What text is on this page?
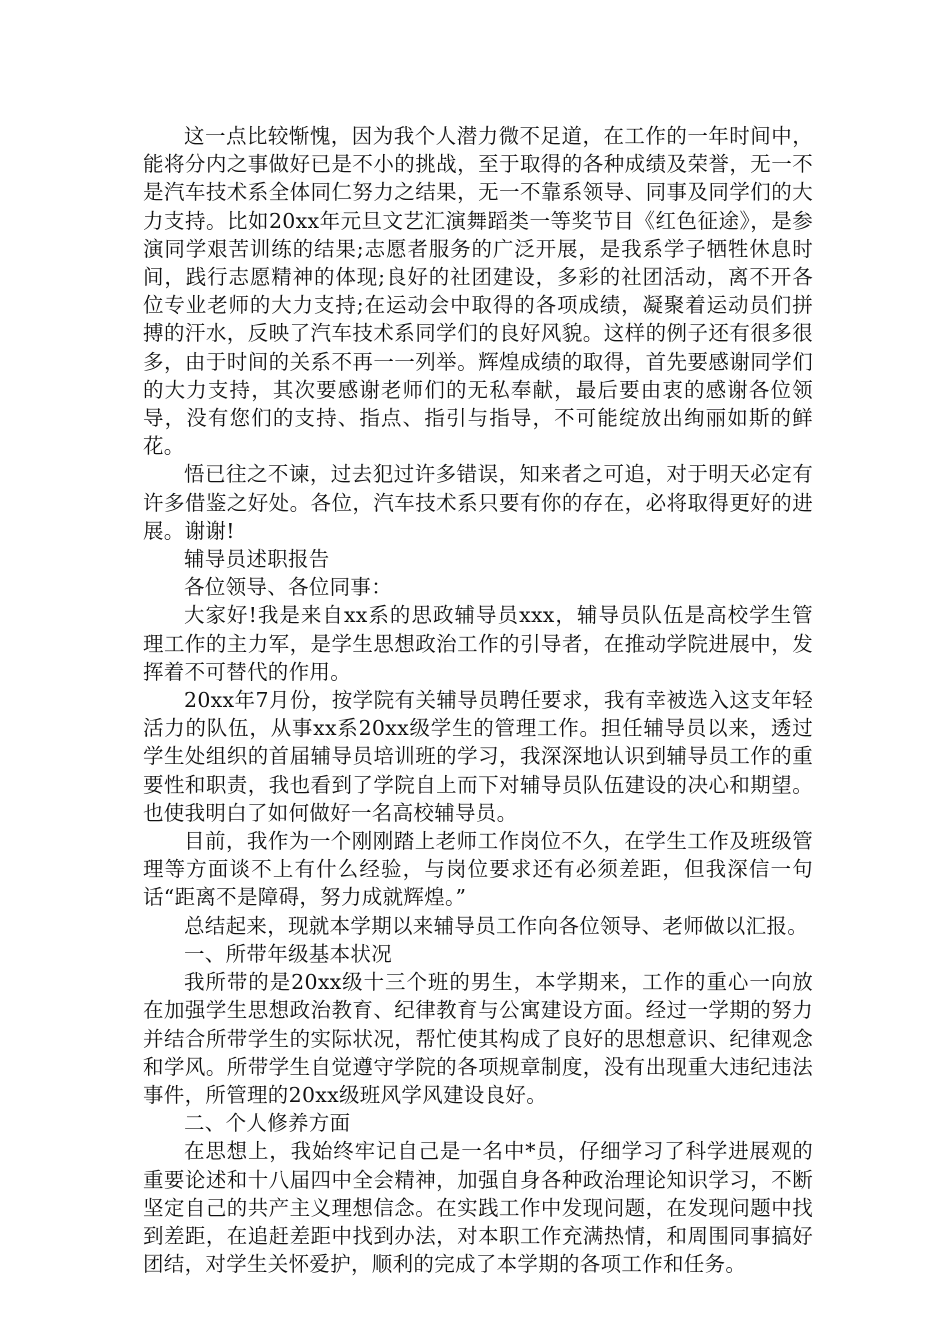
这一点比较惭愧，因为我个人潜力微不足道，在工作的一年时间中，能将分内之事做好已是不小的挑战，至于取得的各种成绩及荣誉，无一不是汽车技术系全体同仁努力之结果，无一不靠系领导、同事及同学们的大力支持。比如20xx年元旦文艺汇演舞蹈类一等奖节目《红色征途》，是参演同学艰苦训练的结果;志愿者服务的广泛开展，是我系学子牺牲休息时间，践行志愿精神的体现;良好的社团建设，多彩的社团活动，离不开各位专业老师的大力支持;在运动会中取得的各项成绩，凝聚着运动员们拼搏的汗水，反映了汽车技术系同学们的良好风貌。这样的例子还有很多很多，由于时间的关系不再一一列举。辉煌成绩的取得，首先要感谢同学们的大力支持，其次要感谢老师们的无私奉献，最后要由衷的感谢各位领导，没有您们的支持、指点、指引与指导，不可能绽放出绚丽如斯的鲜花。

悟已往之不谏，过去犯过许多错误，知来者之可追，对于明天必定有许多借鉴之好处。各位，汽车技术系只要有你的存在，必将取得更好的进展。谢谢!

辅导员述职报告

各位领导、各位同事：

大家好!我是来自xx系的思政辅导员xxx，辅导员队伍是高校学生管理工作的主力军，是学生思想政治工作的引导者，在推动学院进展中，发挥着不可替代的作用。

20xx年7月份，按学院有关辅导员聘任要求，我有幸被选入这支年轻活力的队伍，从事xx系20xx级学生的管理工作。担任辅导员以来，透过学生处组织的首届辅导员培训班的学习，我深深地认识到辅导员工作的重要性和职责，我也看到了学院自上而下对辅导员队伍建设的决心和期望。也使我明白了如何做好一名高校辅导员。

目前，我作为一个刚刚踏上老师工作岗位不久，在学生工作及班级管理等方面谈不上有什么经验，与岗位要求还有必须差距，但我深信一句话“距离不是障碍，努力成就辉煌。”

总结起来，现就本学期以来辅导员工作向各位领导、老师做以汇报。

一、所带年级基本状况

我所带的是20xx级十三个班的男生，本学期来，工作的重心一向放在加强学生思想政治教育、纪律教育与公寓建设方面。经过一学期的努力并结合所带学生的实际状况，帮忙使其构成了良好的思想意识、纪律观念和学风。所带学生自觉遵守学院的各项规章制度，没有出现重大违纪违法事件，所管理的20xx级班风学风建设良好。

二、个人修养方面

在思想上，我始终牢记自己是一名中*员，仔细学习了科学进展观的重要论述和十八届四中全会精神，加强自身各种政治理论知识学习，不断坚定自己的共产主义理想信念。在实践工作中发现问题，在发现问题中找到差距，在追赶差距中找到办法，对本职工作充满热情，和周围同事搞好团结，对学生关怀爱护，顺利的完成了本学期的各项工作和任务。
